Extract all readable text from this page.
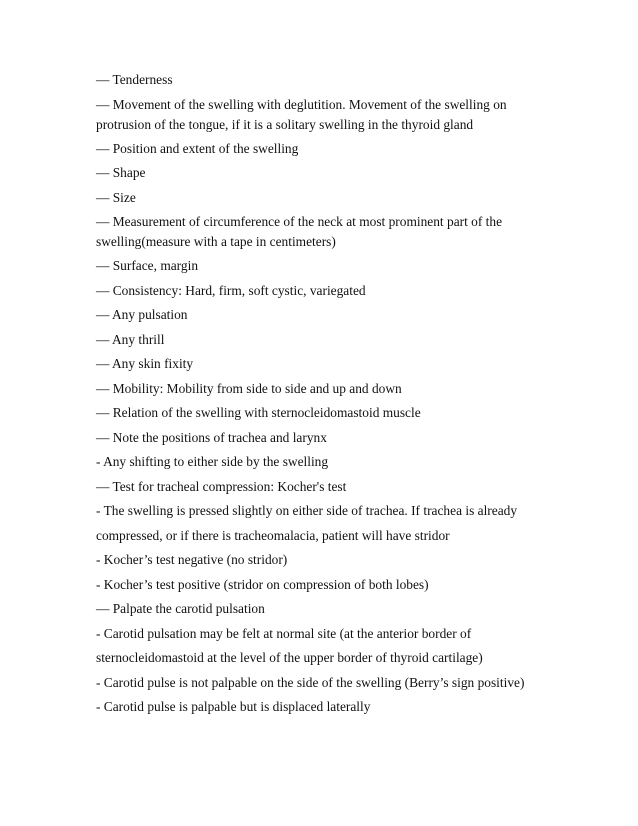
— Tenderness

— Movement of the swelling with deglutition. Movement of the swelling on protrusion of the tongue, if it is a solitary swelling in the thyroid gland

— Position and extent of the swelling

— Shape

— Size

— Measurement of circumference of the neck at most prominent part of the swelling(measure with a tape in centimeters)

— Surface, margin

— Consistency: Hard, firm, soft cystic, variegated

— Any pulsation

— Any thrill

— Any skin fixity

— Mobility: Mobility from side to side and up and down

— Relation of the swelling with sternocleidomastoid muscle

— Note the positions of trachea and larynx

- Any shifting to either side by the swelling

— Test for tracheal compression: Kocher's test

- The swelling is pressed slightly on either side of trachea. If trachea is already compressed, or if there is tracheomalacia, patient will have stridor

- Kocher’s test negative (no stridor)

- Kocher’s test positive (stridor on compression of both lobes)

— Palpate the carotid pulsation

- Carotid pulsation may be felt at normal site (at the anterior border of sternocleidomastoid at the level of the upper border of thyroid cartilage)

- Carotid pulse is not palpable on the side of the swelling (Berry’s sign positive)

- Carotid pulse is palpable but is displaced laterally
